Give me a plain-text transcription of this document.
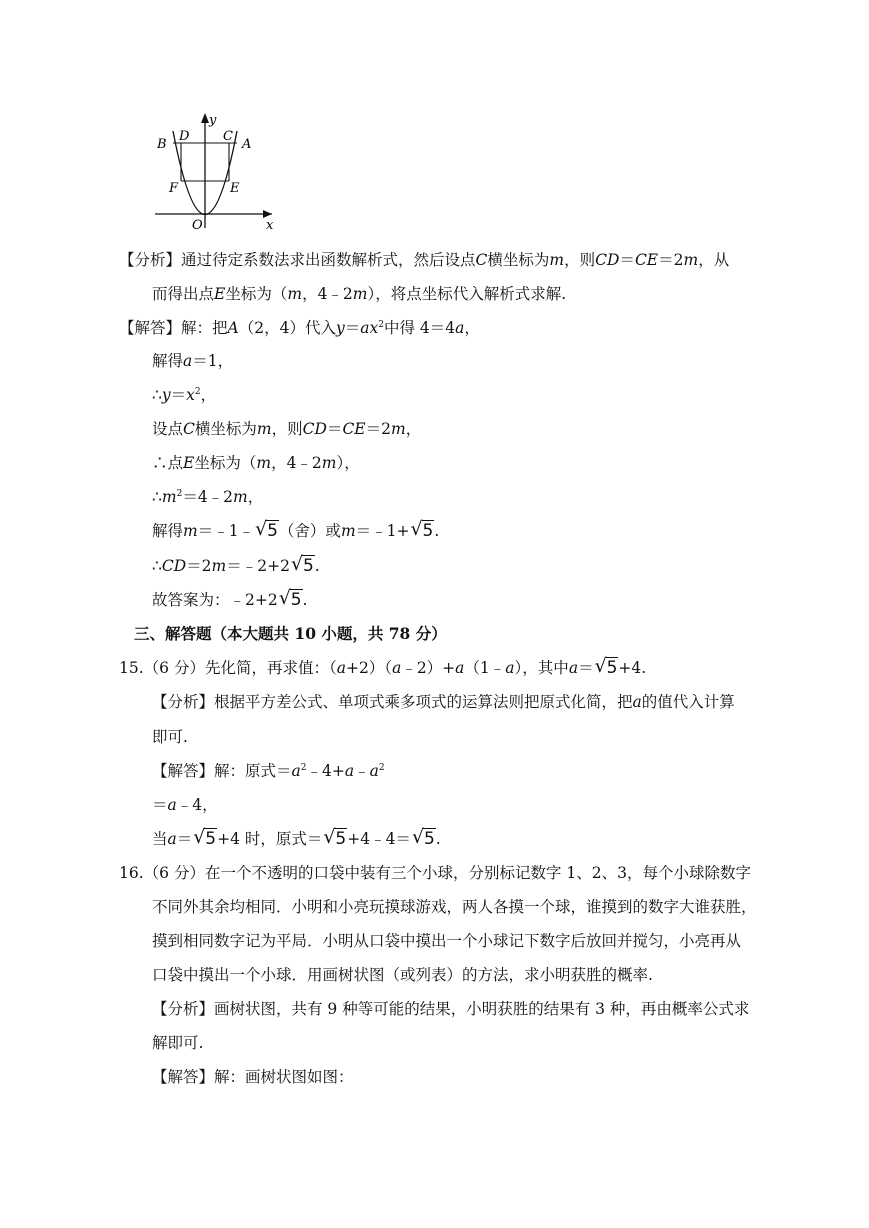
y
x
O
B
D	C
A
F	E
【分析】通过待定系数法求出函数解析式，然后设点C横坐标为m，则CD＝CE＝2m，从
而得出点E坐标为（m，4﹣2m），将点坐标代入解析式求解.
【解答】解：把A（2，4）代入$y=ax^2$中得 4＝4a，
解得a＝1，
$\therefore y=x^2$，
设点C横坐标为m，则CD＝CE＝2m，
∴点E坐标为（m，4﹣2m），
$\therefore m^2=4﹣2m$，
解得m＝﹣1﹣ √ 5（舍）或m＝﹣1+ √ 5.
∴CD＝2m＝﹣2+2 √ 5.
故答案为：﹣2+2 √ 5.
三、解答题（本大题共 10 小题，共 78 分）
15.（6 分）先化简，再求值：（a+2）（a﹣2）+a（1﹣a），其中a＝ √ 5+4.
【分析】根据平方差公式、单项式乘多项式的运算法则把原式化简，把a的值代入计算
即可.
【解答】解：原式$=a^2﹣4+a﹣a^2$
＝a﹣4，
当a＝ √ 5+4 时，原式＝ √ 5+4﹣4＝ √ 5.
16.（6 分）在一个不透明的口袋中装有三个小球，分别标记数字 1、2、3，每个小球除数字
不同外其余均相同．小明和小亮玩摸球游戏，两人各摸一个球，谁摸到的数字大谁获胜，
摸到相同数字记为平局．小明从口袋中摸出一个小球记下数字后放回并搅匀，小亮再从
口袋中摸出一个小球．用画树状图（或列表）的方法，求小明获胜的概率.
【分析】画树状图，共有 9 种等可能的结果，小明获胜的结果有 3 种，再由概率公式求
解即可.
【解答】解：画树状图如图：
